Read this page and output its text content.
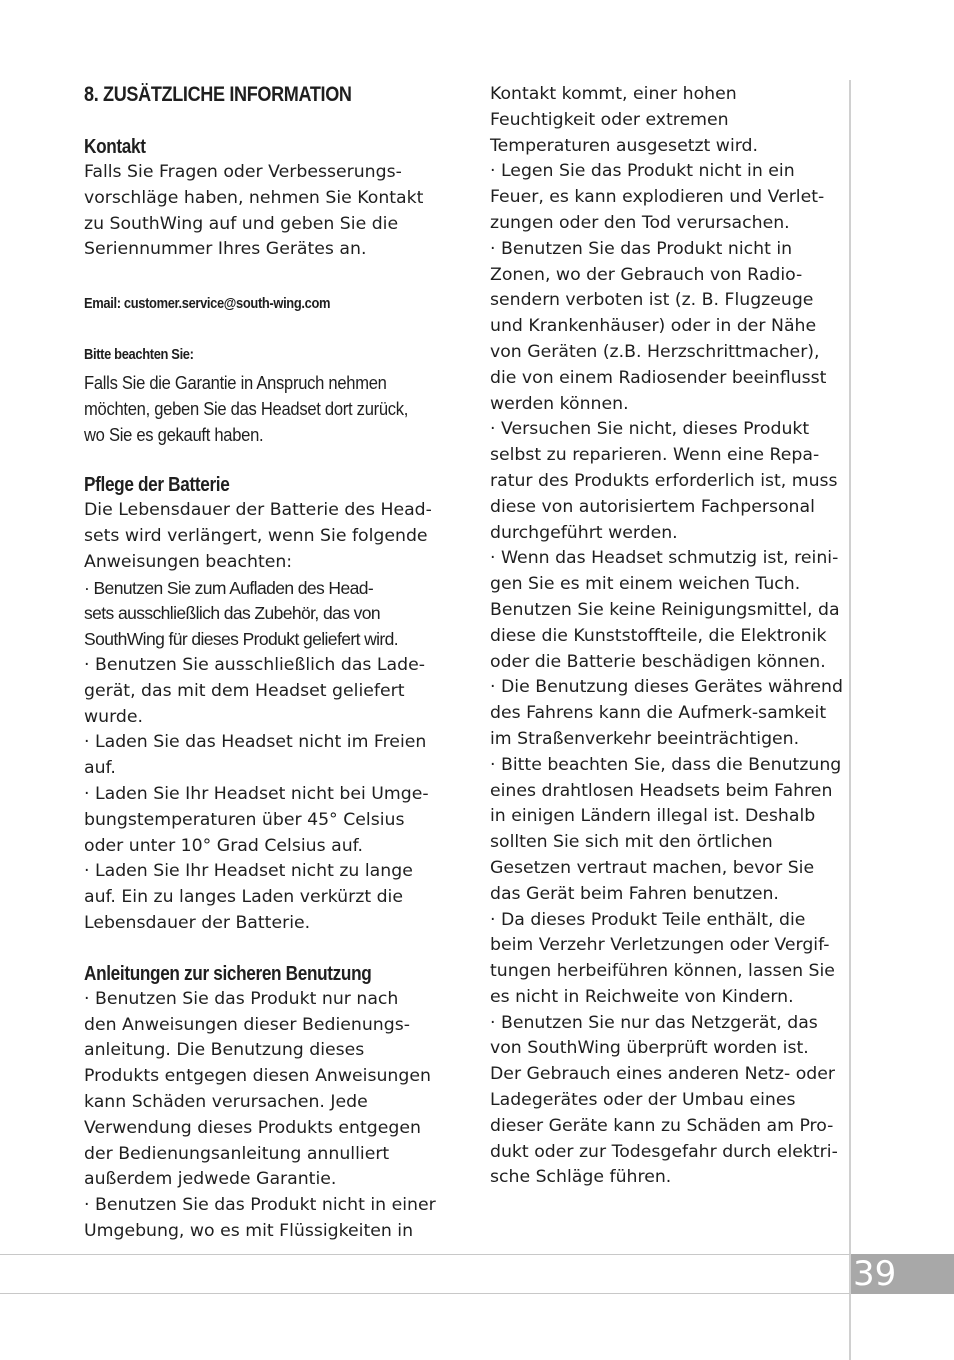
8. ZUSÄTZLICHE INFORMATION
Kontakt

Falls Sie Fragen oder Verbesserungs-

vorschläge haben, nehmen Sie Kontakt

zu SouthWing auf und geben Sie die

Seriennummer Ihres Gerätes an.

Email: customer.service@south-wing.com
Bitte beachten Sie:
Falls Sie die Garantie in Anspruch nehmen
möchten, geben Sie das Headset dort zurück,
wo Sie es gekauft haben.
Pflege der Batterie

Die Lebensdauer der Batterie des Head-

sets wird verlängert, wenn Sie folgende

Anweisungen beachten:

· Benutzen Sie zum Aufladen des Head-
sets ausschließlich das Zubehör, das von
SouthWing für dieses Produkt geliefert wird.

· Benutzen Sie ausschließlich das Lade-

gerät, das mit dem Headset geliefert

wurde.

· Laden Sie das Headset nicht im Freien

auf.

· Laden Sie Ihr Headset nicht bei Umge-

bungstemperaturen über 45° Celsius

oder unter 10° Grad Celsius auf.

· Laden Sie Ihr Headset nicht zu lange

auf. Ein zu langes Laden verkürzt die

Lebensdauer der Batterie.

Anleitungen zur sicheren Benutzung

· Benutzen Sie das Produkt nur nach

den Anweisungen dieser Bedienungs-

anleitung. Die Benutzung dieses

Produkts entgegen diesen Anweisungen

kann Schäden verursachen. Jede

Verwendung dieses Produkts entgegen

der Bedienungsanleitung annulliert

außerdem jedwede Garantie.

· Benutzen Sie das Produkt nicht in einer

Umgebung, wo es mit Flüssigkeiten in

Kontakt kommt, einer hohen

Feuchtigkeit oder extremen

Temperaturen ausgesetzt wird.

· Legen Sie das Produkt nicht in ein

Feuer, es kann explodieren und Verlet-

zungen oder den Tod verursachen.

· Benutzen Sie das Produkt nicht in

Zonen, wo der Gebrauch von Radio-

sendern verboten ist (z. B. Flugzeuge

und Krankenhäuser) oder in der Nähe

von Geräten (z.B. Herzschrittmacher),

die von einem Radiosender beeinflusst

werden können.

· Versuchen Sie nicht, dieses Produkt

selbst zu reparieren. Wenn eine Repa-

ratur des Produkts erforderlich ist, muss

diese von autorisiertem Fachpersonal

durchgeführt werden.

· Wenn das Headset schmutzig ist, reini-

gen Sie es mit einem weichen Tuch.

Benutzen Sie keine Reinigungsmittel, da

diese die Kunststoffteile, die Elektronik

oder die Batterie beschädigen können.

· Die Benutzung dieses Gerätes während

des Fahrens kann die Aufmerk-samkeit

im Straßenverkehr beeinträchtigen.

· Bitte beachten Sie, dass die Benutzung

eines drahtlosen Headsets beim Fahren

in einigen Ländern illegal ist. Deshalb

sollten Sie sich mit den örtlichen

Gesetzen vertraut machen, bevor Sie

das Gerät beim Fahren benutzen.

· Da dieses Produkt Teile enthält, die

beim Verzehr Verletzungen oder Vergif-

tungen herbeiführen können, lassen Sie

es nicht in Reichweite von Kindern.

· Benutzen Sie nur das Netzgerät, das

von SouthWing überprüft worden ist.

Der Gebrauch eines anderen Netz- oder

Ladegerätes oder der Umbau eines

dieser Geräte kann zu Schäden am Pro-

dukt oder zur Todesgefahr durch elektri-

sche Schläge führen.

39
